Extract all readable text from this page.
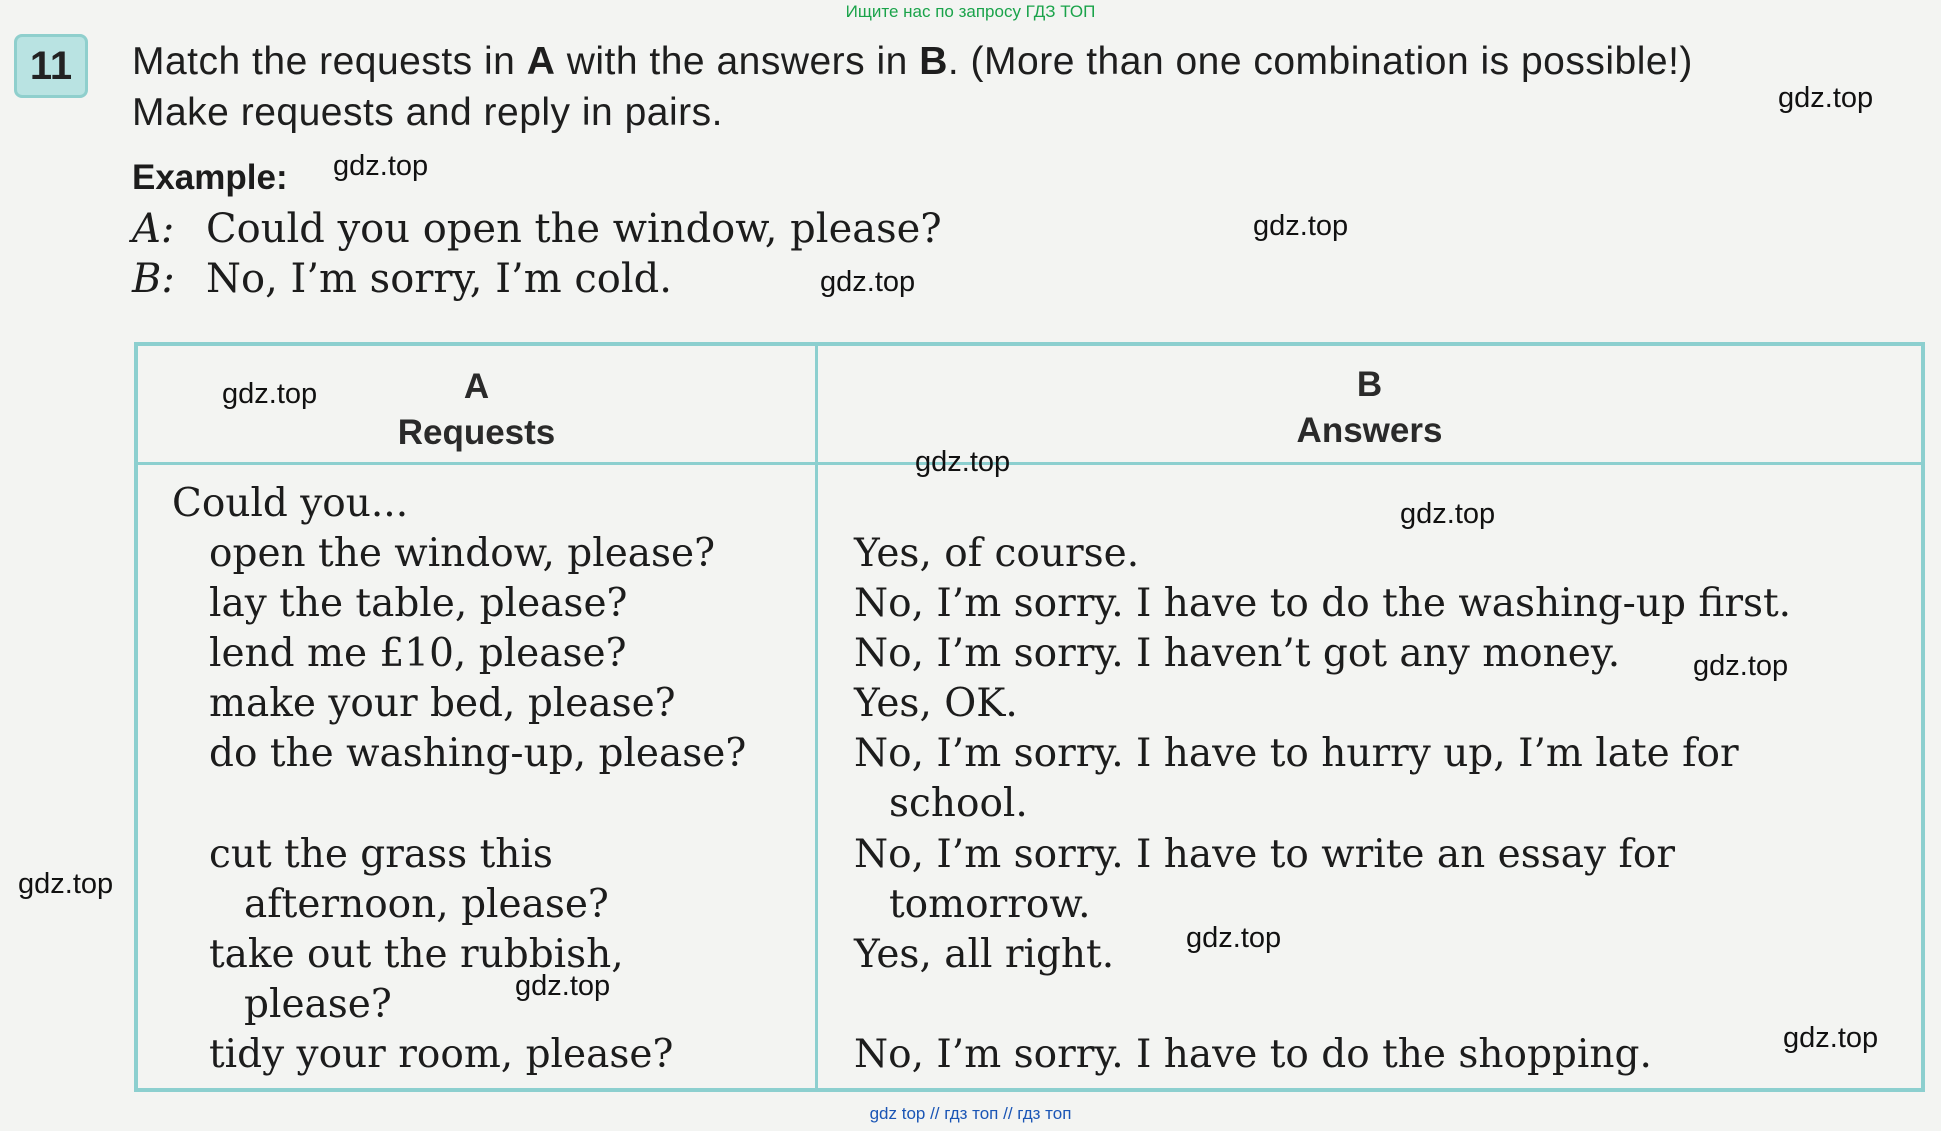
Ищите нас по запросу ГДЗ ТОП
11	Match the requests in A with the answers in B. (More than one combination is possible!)
Make requests and reply in pairs.
Example:
A: Could you open the window, please?
B: No, I’m sorry, I’m cold.
A
Requests
B
Answers
Could you...
open the window, please?
lay the table, please?
lend me £10, please?
make your bed, please?
do the washing-up, please?
cut the grass this
afternoon, please?
take out the rubbish,
please?
tidy your room, please?
Yes, of course.
No, I’m sorry. I have to do the washing-up first.
No, I’m sorry. I haven’t got any money.
Yes, OK.
No, I’m sorry. I have to hurry up, I’m late for
school.
No, I’m sorry. I have to write an essay for
tomorrow.
Yes, all right.
No, I’m sorry. I have to do the shopping.
gdz.top
gdz.top
gdz.top
gdz.top
gdz.top
gdz.top
gdz.top
gdz.top
gdz.top
gdz.top
gdz.top
gdz.top
gdz top // гдз топ // гдз топ
